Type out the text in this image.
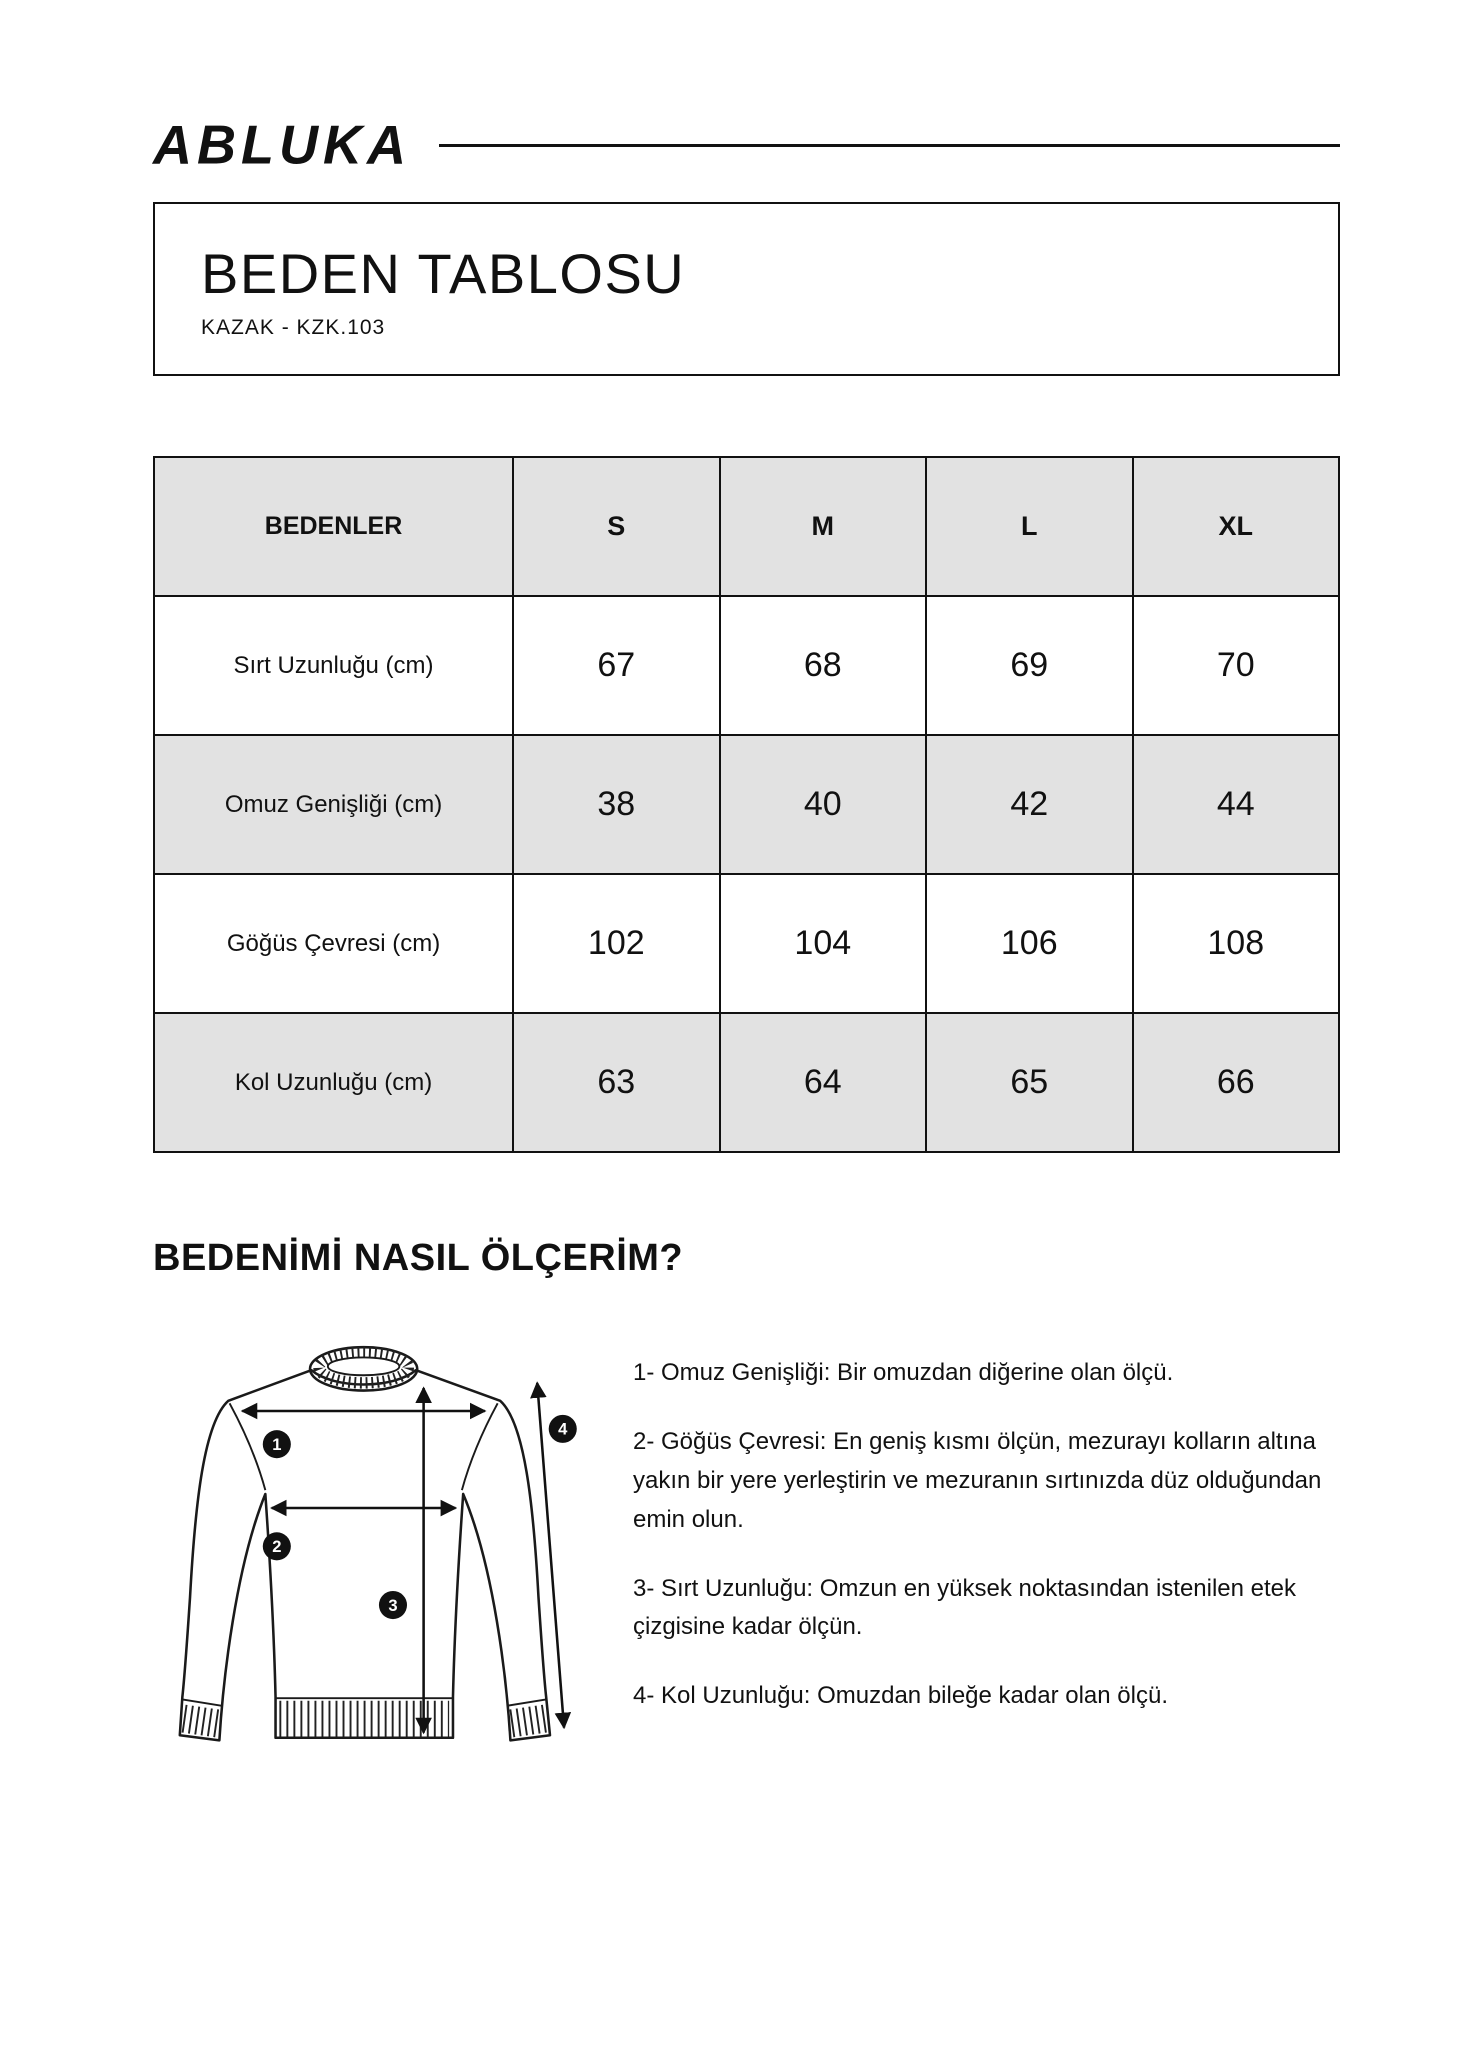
ABLUKA
BEDEN TABLOSU
KAZAK - KZK.103
BEDENLER	S	M	L	XL
Sırt Uzunluğu (cm)	67	68	69	70
Omuz Genişliği (cm)	38	40	42	44
Göğüs Çevresi (cm)	102	104	106	108
Kol Uzunluğu (cm)	63	64	65	66
BEDENİMİ NASIL ÖLÇERİM?
1
2
3
4

1- Omuz Genişliği: Bir omuzdan diğerine olan ölçü.

2- Göğüs Çevresi: En geniş kısmı ölçün, mezurayı kolların altına yakın bir yere yerleştirin ve mezuranın sırtınızda düz olduğundan emin olun.

3- Sırt Uzunluğu: Omzun en yüksek noktasından istenilen etek çizgisine kadar ölçün.

4- Kol Uzunluğu: Omuzdan bileğe kadar olan ölçü.
